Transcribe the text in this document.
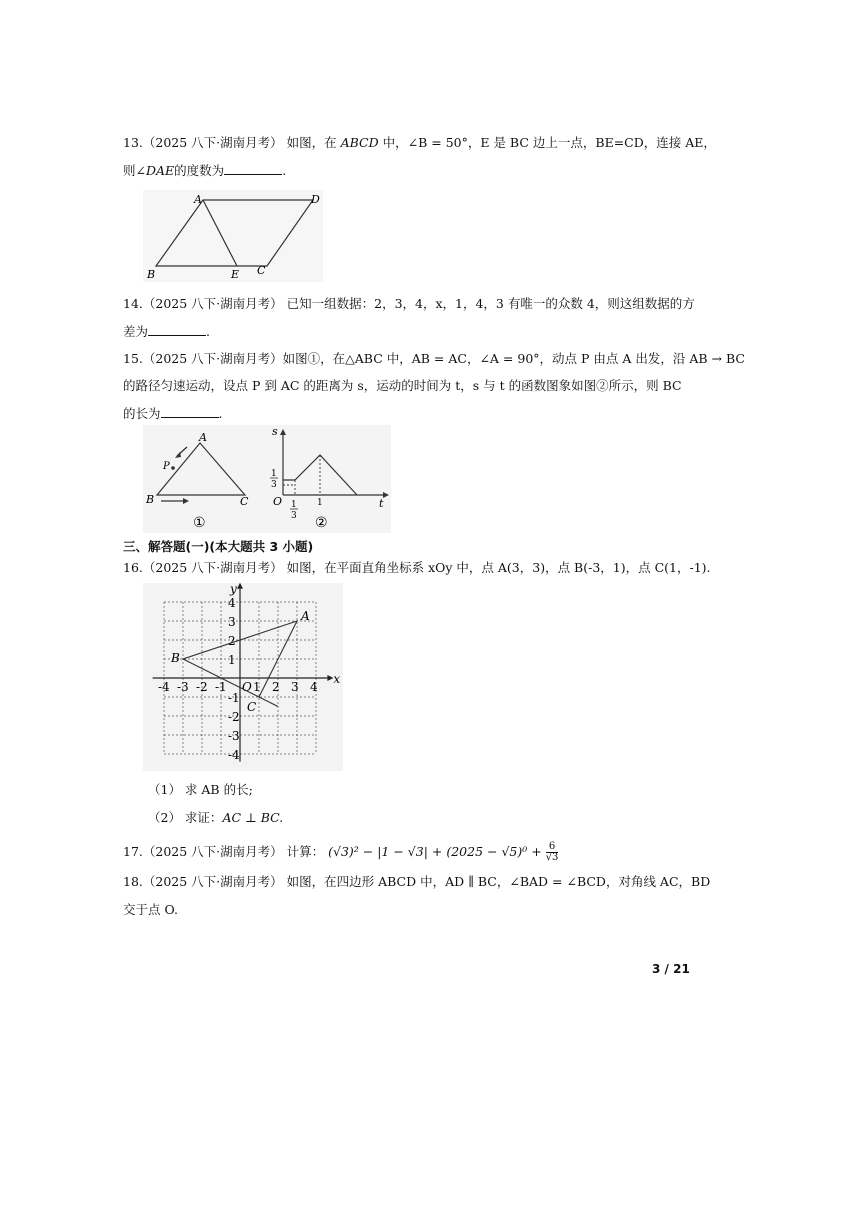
13.（2025 八下·湖南月考） 如图，在 ABCD 中，∠B = 50°，E 是 BC 边上一点，BE=CD，连接 AE，
则∠DAE的度数为	.
A	D
B	E C
14.（2025 八下·湖南月考） 已知一组数据：2，3，4，x，1，4，3 有唯一的众数 4，则这组数据的方
差为	.
15.（2025 八下·湖南月考）如图①，在△ABC 中，AB = AC，∠A = 90°，动点 P 由点 A 出发，沿 AB → BC
的路径匀速运动，设点 P 到 AC 的距离为 s，运动的时间为 t，s 与 t 的函数图象如图②所示，则 BC
的长为	.
A
P
B	C
①
s
t
O
1
3
1
3
1
②
三、解答题(一)(本大题共 3 小题)
16.（2025 八下·湖南月考） 如图，在平面直角坐标系 xOy 中，点 A(3，3)，点 B(-3，1)，点 C(1，-1).
-4 -3 -2 -1 O 1 2 3 4
4
3
2
1
-1
-2
-3
-4
x
y
A
B
C
（1） 求 AB 的长;
（2） 求证：AC ⊥ BC.
17.（2025 八下·湖南月考） 计算： $(√3)^2 - |1 - √3| + (2025 - √5)^0 + \frac{6}{√3}$
18.（2025 八下·湖南月考） 如图，在四边形 ABCD 中，AD ∥ BC，∠BAD = ∠BCD，对角线 AC，BD
交于点 O.
3 / 21
